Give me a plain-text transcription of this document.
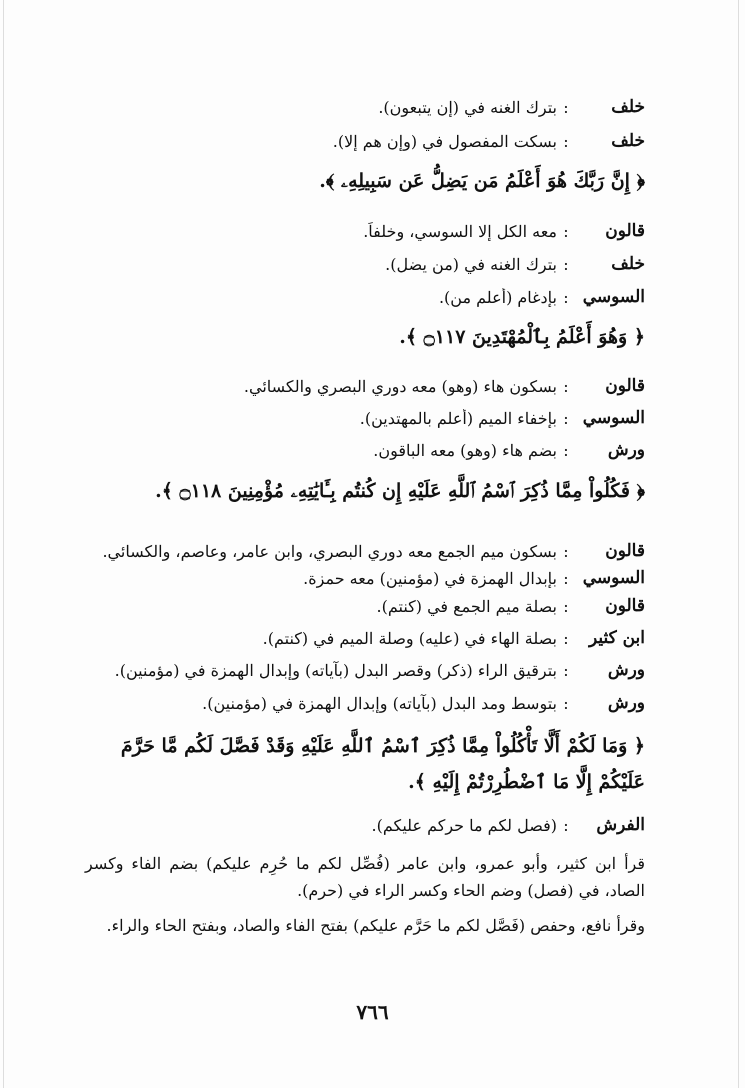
خلف
:
بترك الغنه في (إن يتبعون).
خلف
:
بسكت المفصول في (وإن هم إلا).
﴿ إِنَّ رَبَّكَ هُوَ أَعْلَمُ مَن يَضِلُّ عَن سَبِيلِهِۦ ﴾.
قالون
:
معه الكل إلا السوسي، وخلفاً.
خلف
:
بترك الغنه في (من يضل).
السوسي
:
بإدغام (أعلم من).
﴿ وَهُوَ أَعْلَمُ بِٱلْمُهْتَدِينَ ۝١١٧ ﴾.
قالون
:
بسكون هاء (وهو) معه دوري البصري والكسائي.
السوسي
:
بإخفاء الميم (أعلم بالمهتدين).
ورش
:
بضم هاء (وهو) معه الباقون.
﴿ فَكُلُواْ مِمَّا ذُكِرَ ٱسْمُ ٱللَّهِ عَلَيْهِ إِن كُنتُم بِـَٔايَٰتِهِۦ مُؤْمِنِينَ ۝١١٨ ﴾.
قالون
:
بسكون ميم الجمع معه دوري البصري، وابن عامر، وعاصم، والكسائي.
السوسي
:
بإبدال الهمزة في (مؤمنين) معه حمزة.
قالون
:
بصلة ميم الجمع في (كنتم).
ابن كثير
:
بصلة الهاء في (عليه) وصلة الميم في (كنتم).
ورش
:
بترقيق الراء (ذكر) وقصر البدل (بآياته) وإبدال الهمزة في (مؤمنين).
ورش
:
بتوسط ومد البدل (بآياته) وإبدال الهمزة في (مؤمنين).
﴿ وَمَا لَكُمْ أَلَّا تَأْكُلُواْ مِمَّا ذُكِرَ ٱسْمُ ٱللَّهِ عَلَيْهِ وَقَدْ فَصَّلَ لَكُم مَّا حَرَّمَ عَلَيْكُمْ إِلَّا مَا ٱضْطُرِرْتُمْ إِلَيْهِ ﴾.
الفرش
:
(فصل لكم ما حركم عليكم).
قرأ ابن كثير، وأبو عمرو، وابن عامر (فُصِّل لكم ما حُرِم عليكم) بضم الفاء وكسر الصاد، في (فصل) وضم الحاء وكسر الراء في (حرم).
وقرأ نافع، وحفص (فَصَّل لكم ما حَرَّم عليكم) بفتح الفاء والصاد، وبفتح الحاء والراء.
٧٦٦
